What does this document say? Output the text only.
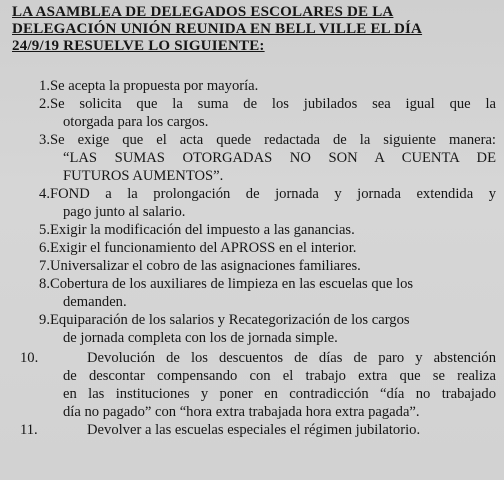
LA ASAMBLEA DE DELEGADOS ESCOLARES DE LA
DELEGACIÓN UNIÓN REUNIDA EN BELL VILLE EL DÍA
24/9/19 RESUELVE LO SIGUIENTE:
1. Se acepta la propuesta por mayoría.
2. Se solicita que la suma de los jubilados sea igual que la
otorgada para los cargos.
3. Se exige que el acta quede redactada de la siguiente manera:
“LAS SUMAS OTORGADAS NO SON A CUENTA DE
FUTUROS AUMENTOS”.
4. FOND a la prolongación de jornada y jornada extendida y
pago junto al salario.
5. Exigir la modificación del impuesto a las ganancias.
6. Exigir el funcionamiento del APROSS en el interior.
7. Universalizar el cobro de las asignaciones familiares.
8. Cobertura de los auxiliares de limpieza en las escuelas que los
demanden.
9. Equiparación de los salarios y Recategorización de los cargos
de jornada completa con los de jornada simple.
10.	Devolución de los descuentos de días de paro y abstención
de descontar compensando con el trabajo extra que se realiza
en las instituciones y poner en contradicción “día no trabajado
día no pagado” con “hora extra trabajada hora extra pagada”.
11.	Devolver a las escuelas especiales el régimen jubilatorio.
